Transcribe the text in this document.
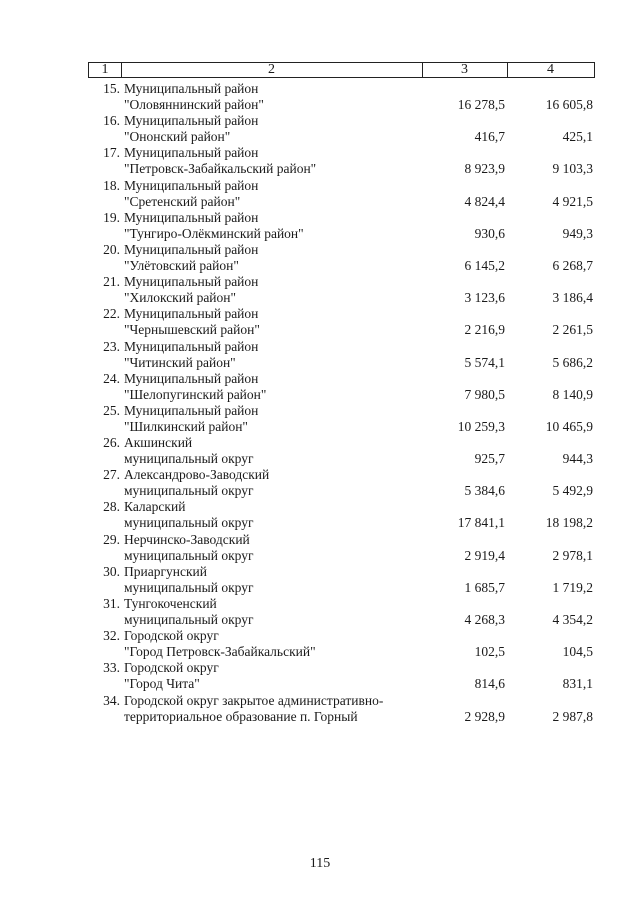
1	2	3	4
15. Муниципальный район
"Оловяннинский район"	16 278,5	16 605,8
16. Муниципальный район
"Ононский район"	416,7	425,1
17. Муниципальный район
"Петровск-Забайкальский район"	8 923,9	9 103,3
18. Муниципальный район
"Сретенский район"	4 824,4	4 921,5
19. Муниципальный район
"Тунгиро-Олёкминский район"	930,6	949,3
20. Муниципальный район
"Улётовский район"	6 145,2	6 268,7
21. Муниципальный район
"Хилокский район"	3 123,6	3 186,4
22. Муниципальный район
"Чернышевский район"	2 216,9	2 261,5
23. Муниципальный район
"Читинский район"	5 574,1	5 686,2
24. Муниципальный район
"Шелопугинский район"	7 980,5	8 140,9
25. Муниципальный район
"Шилкинский район"	10 259,3	10 465,9
26. Акшинский
муниципальный округ	925,7	944,3
27. Александрово-Заводский
муниципальный округ	5 384,6	5 492,9
28. Каларский
муниципальный округ	17 841,1	18 198,2
29. Нерчинско-Заводский
муниципальный округ	2 919,4	2 978,1
30. Приаргунский
муниципальный округ	1 685,7	1 719,2
31. Тунгокоченский
муниципальный округ	4 268,3	4 354,2
32. Городской округ
"Город Петровск-Забайкальский"	102,5	104,5
33. Городской округ
"Город Чита"	814,6	831,1
34. Городской округ закрытое административно-
территориальное образование п. Горный	2 928,9	2 987,8
115
